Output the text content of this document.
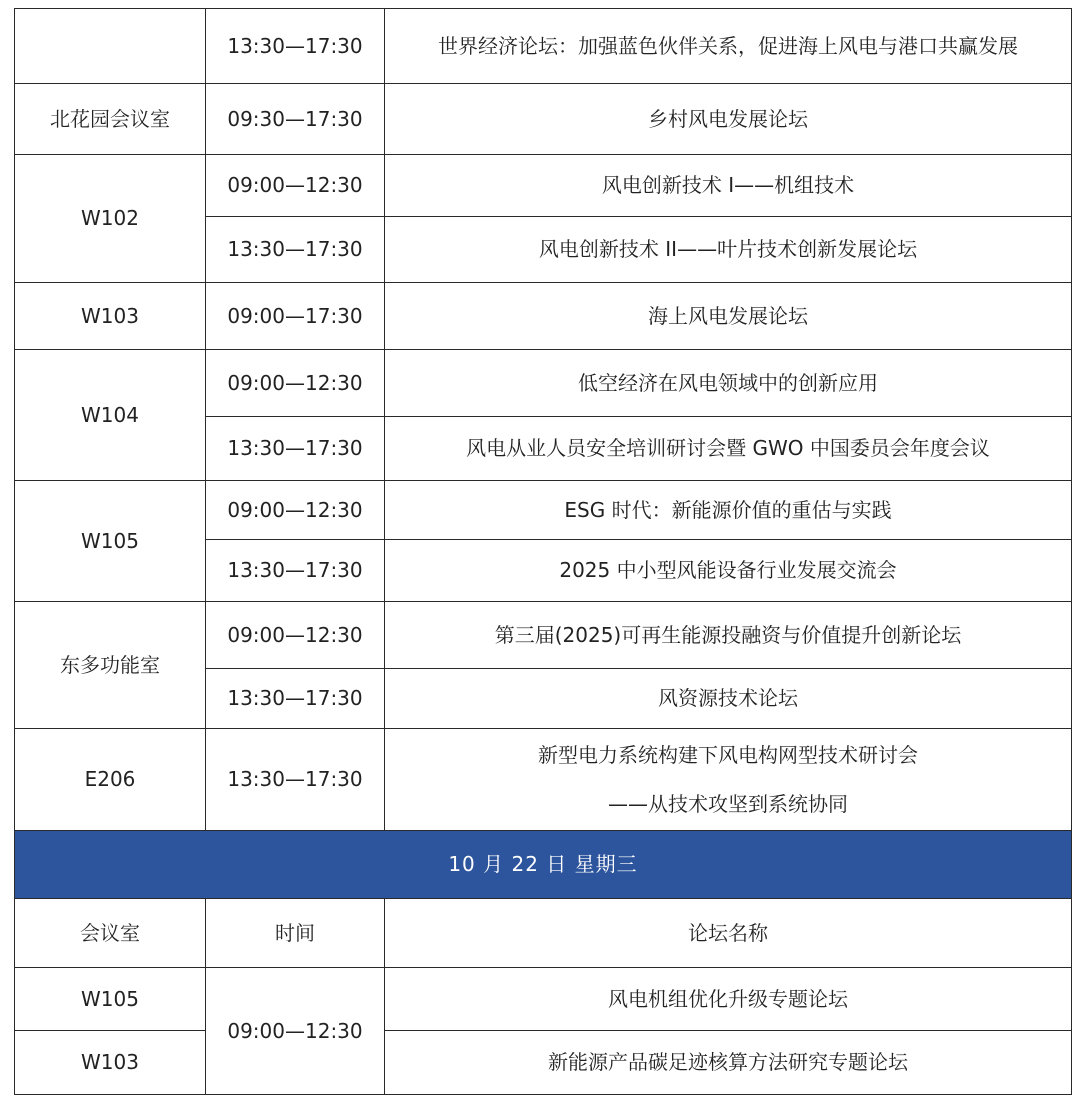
	13:30—17:30	世界经济论坛：加强蓝色伙伴关系，促进海上风电与港口共赢发展
北花园会议室	09:30—17:30	乡村风电发展论坛
W102	09:00—12:30	风电创新技术 I——机组技术
	13:30—17:30	风电创新技术 II——叶片技术创新发展论坛
W103	09:00—17:30	海上风电发展论坛
W104	09:00—12:30	低空经济在风电领域中的创新应用
	13:30—17:30	风电从业人员安全培训研讨会暨 GWO 中国委员会年度会议
W105	09:00—12:30	ESG 时代：新能源价值的重估与实践
	13:30—17:30	2025 中小型风能设备行业发展交流会
东多功能室	09:00—12:30	第三届(2025)可再生能源投融资与价值提升创新论坛
	13:30—17:30	风资源技术论坛
E206	13:30—17:30	新型电力系统构建下风电构网型技术研讨会
——从技术攻坚到系统协同

10 月 22 日 星期三		
会议室	时间	论坛名称
W105	09:00—12:30	风电机组优化升级专题论坛
W103		新能源产品碳足迹核算方法研究专题论坛
